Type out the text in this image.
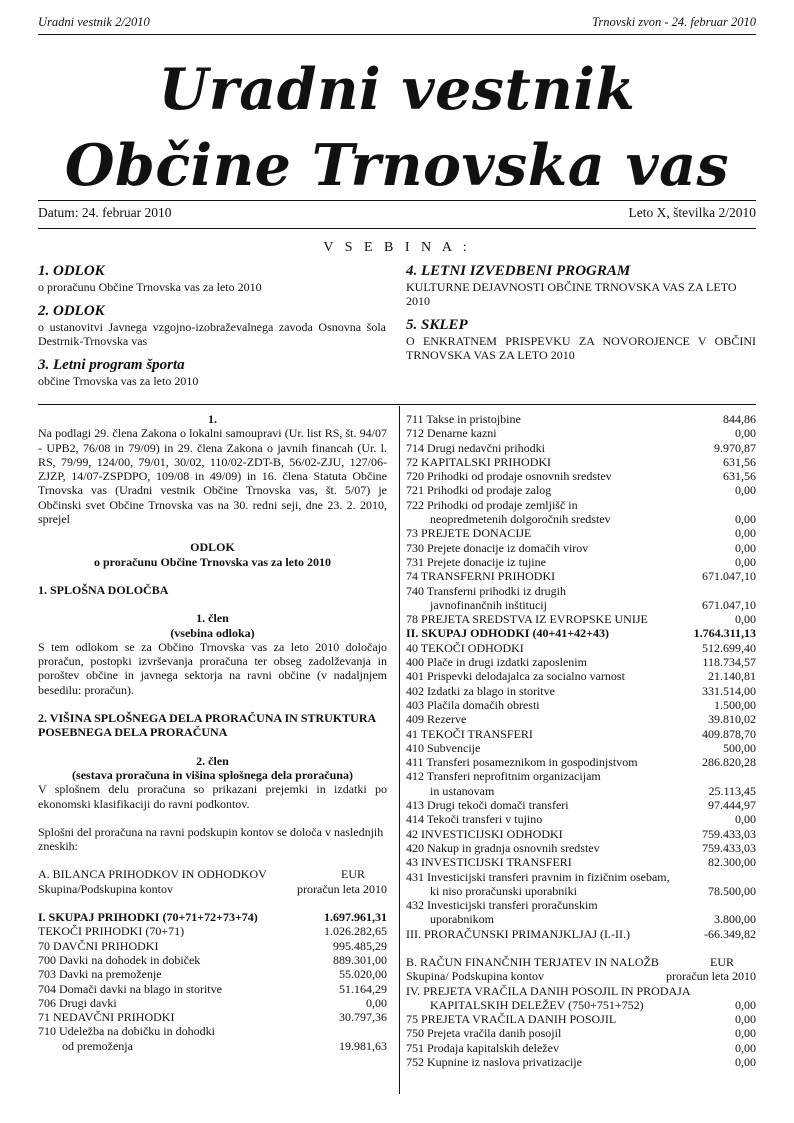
Uradni vestnik 2/2010	Trnovski zvon - 24. februar 2010
Uradni vestnik
Občine Trnovska vas
Datum: 24. februar 2010	Leto X, številka 2/2010
V S E B I N A :
1. ODLOK
o proračunu Občine Trnovska vas za leto 2010
2. ODLOK
o ustanovitvi Javnega vzgojno-izobraževalnega zavoda Osnovna šola Destrnik-Trnovska vas
3. Letni program športa
občine Trnovska vas za leto 2010
4. LETNI IZVEDBENI PROGRAM
KULTURNE DEJAVNOSTI OBČINE TRNOVSKA VAS ZA LETO 2010
5. SKLEP
O ENKRATNEM PRISPEVKU ZA NOVOROJENCE V OBČINI TRNOVSKA VAS ZA LETO 2010

1.

Na podlagi 29. člena Zakona o lokalni samoupravi (Ur. list RS, št. 94/07 - UPB2, 76/08 in 79/09) in 29. člena Zakona o javnih financah (Ur. l. RS, 79/99, 124/00, 79/01, 30/02, 110/02-ZDT-B, 56/02-ZJU, 127/06-ZJZP, 14/07-ZSPDPO, 109/08 in 49/09) in 16. člena Statuta Občine Trnovska vas (Uradni vestnik Občine Trnovska vas, št. 5/07) je Občinski svet Občine Trnovska vas na 30. redni seji, dne 23. 2. 2010, sprejel

ODLOK

o proračunu Občine Trnovska vas za leto 2010

1. SPLOŠNA DOLOČBA

1. člen

(vsebina odloka)

S tem odlokom se za Občino Trnovska vas za leto 2010 določajo proračun, postopki izvrševanja proračuna ter obseg zadolževanja in poroštev občine in javnega sektorja na ravni občine (v nadaljnjem besedilu: proračun).

2. VIŠINA SPLOŠNEGA DELA PRORAČUNA IN STRUKTURA POSEBNEGA DELA PRORAČUNA

2. člen

(sestava proračuna in višina splošnega dela proračuna)

V splošnem delu proračuna so prikazani prejemki in izdatki po ekonomski klasifikaciji do ravni podkontov.

Splošni del proračuna na ravni podskupin kontov se določa v naslednjih zneskih:

A. BILANCA PRIHODKOV IN ODHODKOV	EUR
Skupina/Podskupina kontov	proračun leta 2010
I. SKUPAJ PRIHODKI (70+71+72+73+74)	1.697.961,31
TEKOČI PRIHODKI (70+71)	1.026.282,65
70 DAVČNI PRIHODKI	995.485,29
700 Davki na dohodek in dobiček	889.301,00
703 Davki na premoženje	55.020,00
704 Domači davki na blago in storitve	51.164,29
706 Drugi davki	0,00
71 NEDAVČNI PRIHODKI	30.797,36
710 Udeležba na dobičku in dohodki
od premoženja	19.981,63
711 Takse in pristojbine	844,86
712 Denarne kazni	0,00
714 Drugi nedavčni prihodki	9.970,87
72 KAPITALSKI PRIHODKI	631,56
720 Prihodki od prodaje osnovnih sredstev	631,56
721 Prihodki od prodaje zalog	0,00
722 Prihodki od prodaje zemljišč in
neopredmetenih dolgoročnih sredstev	0,00
73 PREJETE DONACIJE	0,00
730 Prejete donacije iz domačih virov	0,00
731 Prejete donacije iz tujine	0,00
74 TRANSFERNI PRIHODKI	671.047,10
740 Transferni prihodki iz drugih
javnofinančnih inštitucij	671.047,10
78 PREJETA SREDSTVA IZ EVROPSKE UNIJE	0,00
II. SKUPAJ ODHODKI (40+41+42+43)	1.764.311,13
40 TEKOČI ODHODKI	512.699,40
400 Plače in drugi izdatki zaposlenim	118.734,57
401 Prispevki delodajalca za socialno varnost	21.140,81
402 Izdatki za blago in storitve	331.514,00
403 Plačila domačih obresti	1.500,00
409 Rezerve	39.810,02
41 TEKOČI TRANSFERI	409.878,70
410 Subvencije	500,00
411 Transferi posameznikom in gospodinjstvom	286.820,28
412 Transferi neprofitnim organizacijam
in ustanovam	25.113,45
413 Drugi tekoči domači transferi	97.444,97
414 Tekoči transferi v tujino	0,00
42 INVESTICIJSKI ODHODKI	759.433,03
420 Nakup in gradnja osnovnih sredstev	759.433,03
43 INVESTICIJSKI TRANSFERI	82.300,00
431 Investicijski transferi pravnim in fizičnim osebam,
ki niso proračunski uporabniki	78.500,00
432 Investicijski transferi proračunskim
uporabnikom	3.800,00
III. PRORAČUNSKI PRIMANJKLJAJ (I.-II.)	-66.349,82
B. RAČUN FINANČNIH TERJATEV IN NALOŽB	EUR
Skupina/ Podskupina kontov	proračun leta 2010
IV. PREJETA VRAČILA DANIH POSOJIL IN PRODAJA
KAPITALSKIH DELEŽEV (750+751+752)	0,00
75 PREJETA VRAČILA DANIH POSOJIL	0,00
750 Prejeta vračila danih posojil	0,00
751 Prodaja kapitalskih deležev	0,00
752 Kupnine iz naslova privatizacije	0,00
